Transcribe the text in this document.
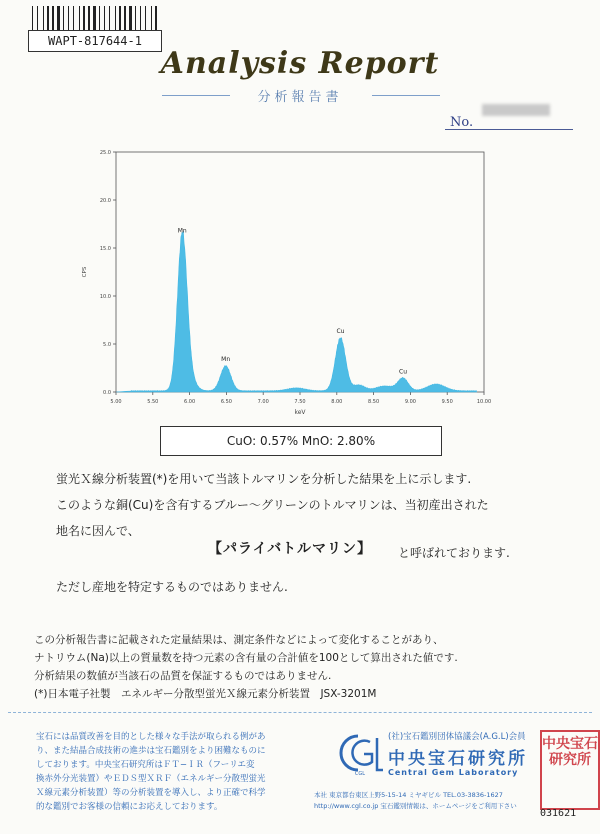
WAPT-817644-1
Analysis Report
分析報告書
No.
0.0
5.0
10.0
15.0
20.0
25.0
5.00	5.50	6.00	6.50	7.00	7.50	8.00	8.50	9.00	9.50	10.00
keV
CPS
Mn
Mn
Cu
Cu
CuO: 0.57% MnO: 2.80%
蛍光Ｘ線分析装置(*)を用いて当該トルマリンを分析した結果を上に示します.
このような銅(Cu)を含有するブルー〜グリーンのトルマリンは、当初産出された
地名に因んで、
【パライバトルマリン】 と呼ばれております.
ただし産地を特定するものではありません.
この分析報告書に記載された定量結果は、測定条件などによって変化することがあり、
ナトリウム(Na)以上の質量数を持つ元素の含有量の合計値を100として算出された値です.
分析結果の数値が当該石の品質を保証するものではありません.
(*)日本電子社製　エネルギー分散型蛍光Ｘ線元素分析装置　JSX-3201M
宝石には品質改善を目的とした様々な手法が取られる例があ
り、また結晶合成技術の進歩は宝石鑑別をより困難なものに
しております。中央宝石研究所はＦＴ−ＩＲ（フーリエ変
換赤外分光装置）やＥＤＳ型ＸＲＦ（エネルギー分散型蛍光
Ｘ線元素分析装置）等の分析装置を導入し、より正確で科学
的な鑑別でお客様の信頼にお応えしております。
CGL
(社)宝石鑑別団体協議会(A.G.L)会員
中央宝石研究所
Central Gem Laboratory
本社 東京都台東区上野5-15-14 ミヤギビル TEL.03-3836-1627
http://www.cgl.co.jp 宝石鑑別情報は、ホームページをご利用下さい
中央宝石研究所
031621
